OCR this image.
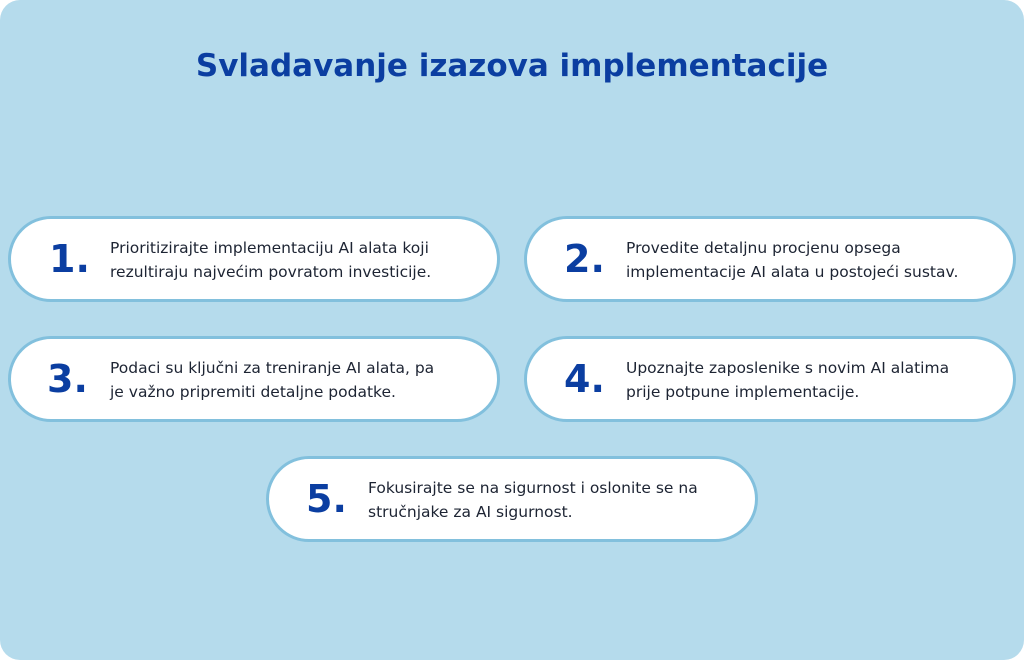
Svladavanje izazova implementacije
1. Prioritizirajte implementaciju AI alata koji
rezultiraju najvećim povratom investicije.	2. Provedite detaljnu procjenu opsega
implementacije AI alata u postojeći sustav.
3. Podaci su ključni za treniranje AI alata, pa
je važno pripremiti detaljne podatke.	4. Upoznajte zaposlenike s novim AI alatima
prije potpune implementacije.
5. Fokusirajte se na sigurnost i oslonite se na
stručnjake za AI sigurnost.
